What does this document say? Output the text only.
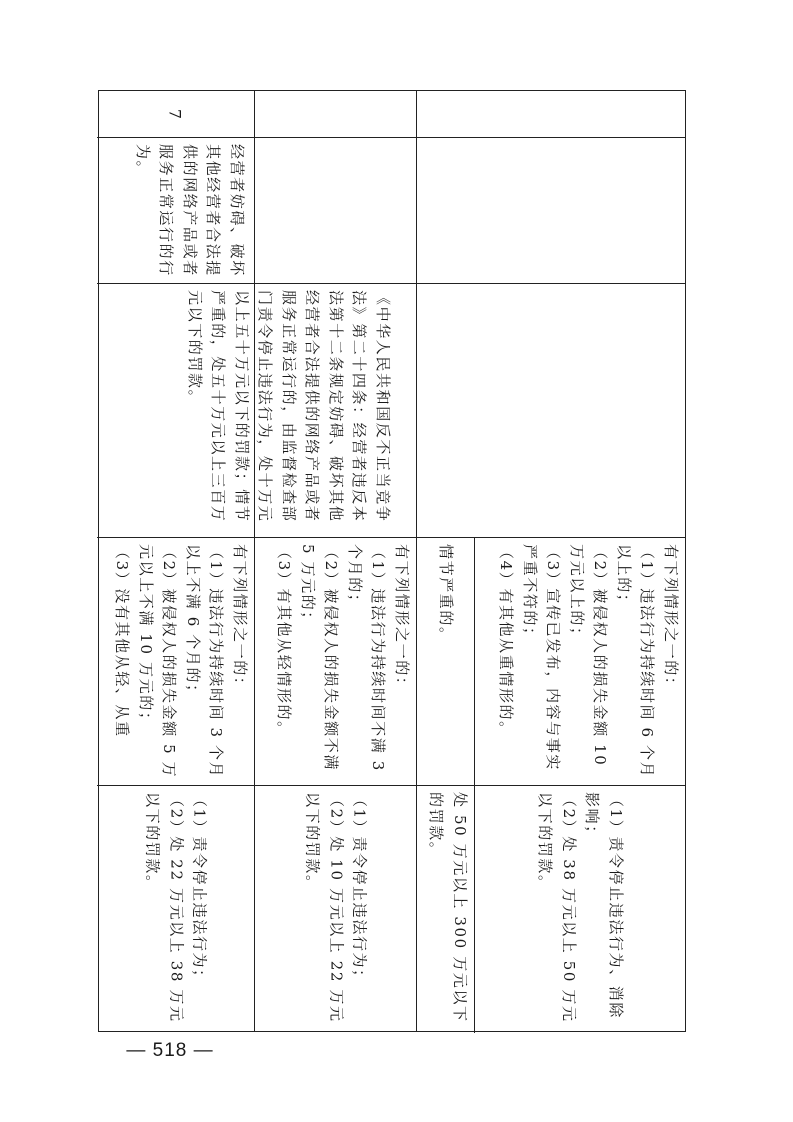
有下列情形之一的：
（1）违法行为持续时间 6 个月以上的；
（2）被侵权人的损失金额 10 万元以上的；
（3）宣传已发布，内容与事实严重不符的；
（4）有其他从重情形的。
情节严重的。
（1）责令停止违法行为、消除影响；
（2）处 38 万元以上 50 万元以下的罚款。
处 50 万元以上 300 万元以下的罚款。
《中华人民共和国反不正当竞争法》第二十四条：经营者违反本法第十二条规定妨碍、破坏其他经营者合法提供的网络产品或者服务正常运行的，由监督检查部门责令停止违法行为，处十万元以上五十万元以下的罚款；情节严重的，处五十万元以上三百万元以下的罚款。
有下列情形之一的：
（1）违法行为持续时间不满 3 个月的；
（2）被侵权人的损失金额不满 5 万元的；
（3）有其他从轻情形的。
（1）责令停止违法行为；
（2）处 10 万元以上 22 万元以下的罚款。
7
经营者妨碍、破坏其他经营者合法提供的网络产品或者服务正常运行的行为。
有下列情形之一的：
（1）违法行为持续时间 3 个月以上不满 6 个月的；
（2）被侵权人的损失金额 5 万元以上不满 10 万元的；
（3）没有其他从轻、从重
（1）责令停止违法行为；
（2）处 22 万元以上 38 万元以下的罚款。
— 518 —
